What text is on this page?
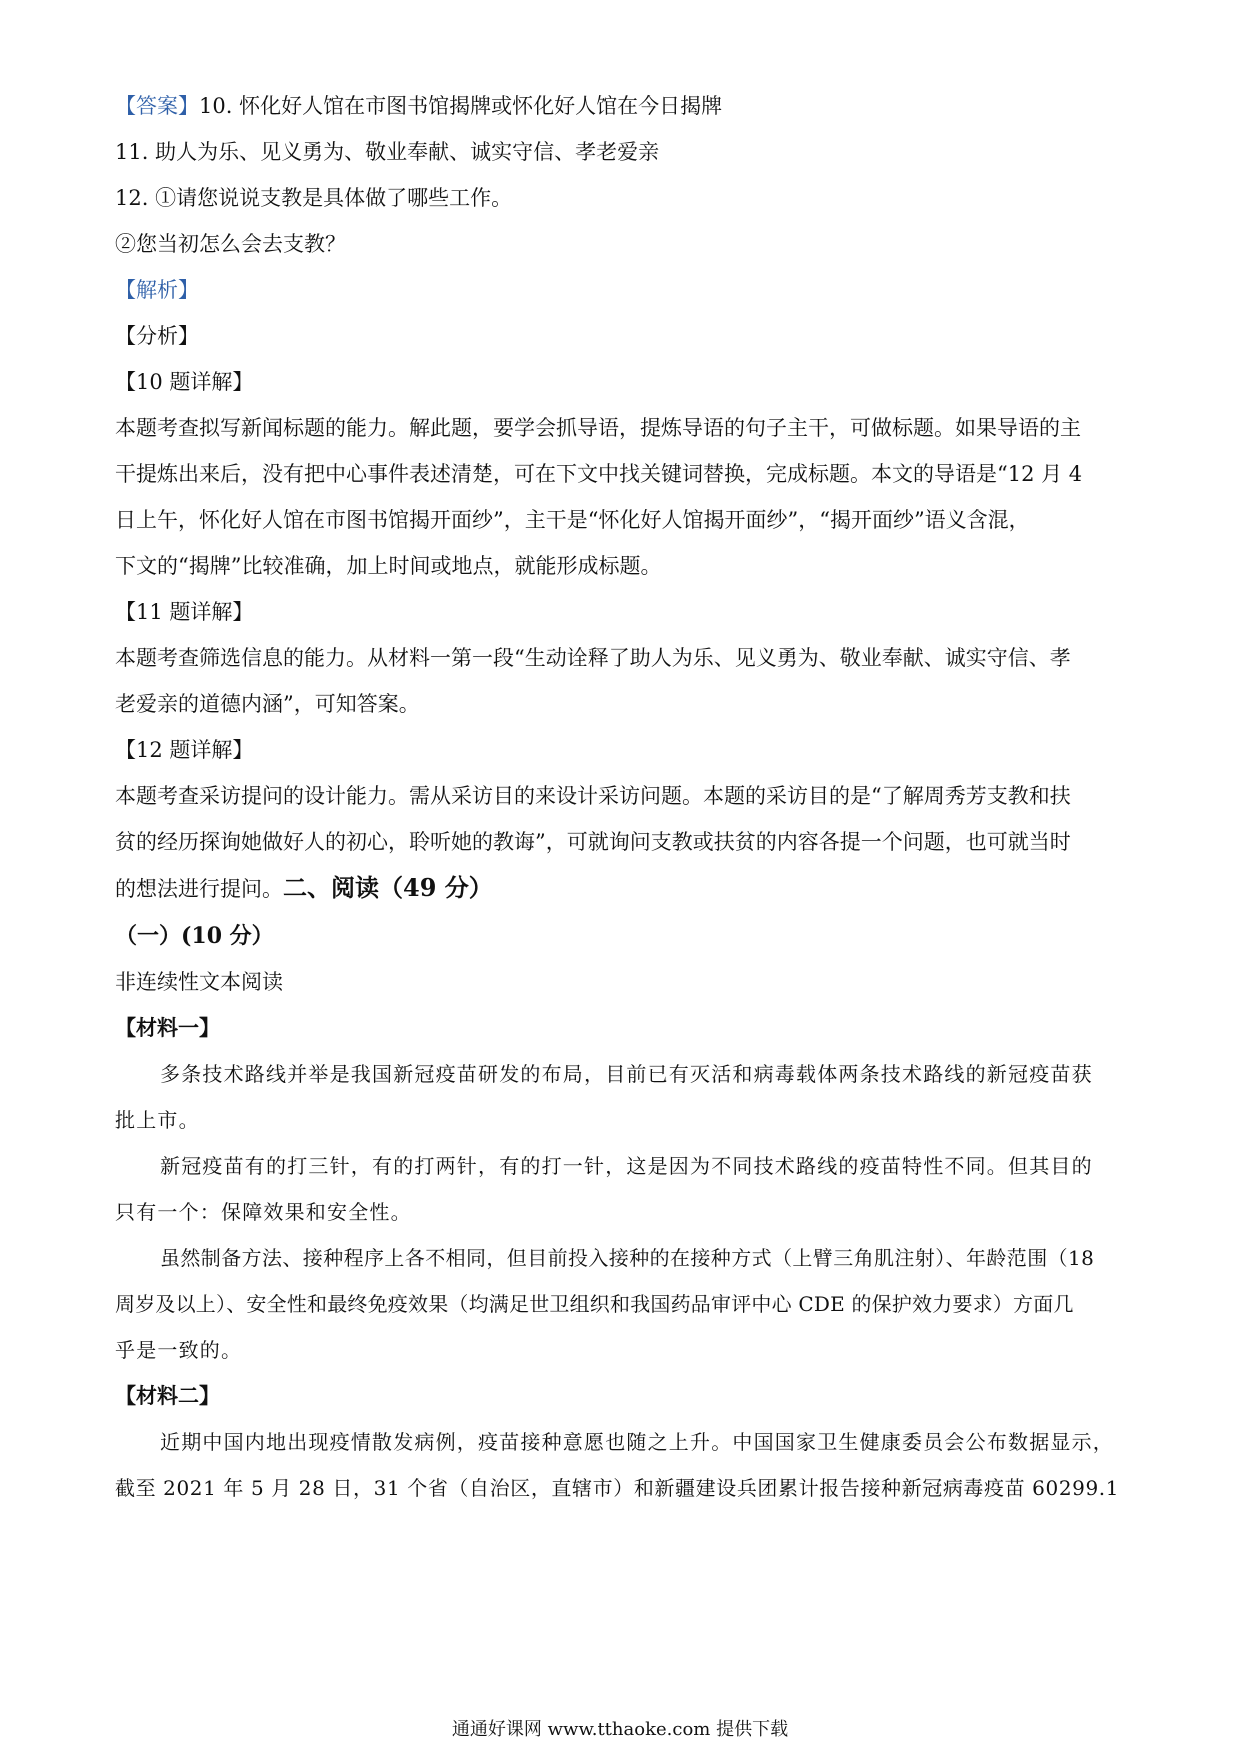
【答案】10. 怀化好人馆在市图书馆揭牌或怀化好人馆在今日揭牌

11. 助人为乐、见义勇为、敬业奉献、诚实守信、孝老爱亲

12. ①请您说说支教是具体做了哪些工作。

②您当初怎么会去支教？

【解析】

【分析】

【10 题详解】

本题考查拟写新闻标题的能力。解此题，要学会抓导语，提炼导语的句子主干，可做标题。如果导语的主

干提炼出来后，没有把中心事件表述清楚，可在下文中找关键词替换，完成标题。本文的导语是“12 月 4

日上午，怀化好人馆在市图书馆揭开面纱”，主干是“怀化好人馆揭开面纱”，“揭开面纱”语义含混，

下文的“揭牌”比较准确，加上时间或地点，就能形成标题。

【11 题详解】

本题考查筛选信息的能力。从材料一第一段“生动诠释了助人为乐、见义勇为、敬业奉献、诚实守信、孝

老爱亲的道德内涵”，可知答案。

【12 题详解】

本题考查采访提问的设计能力。需从采访目的来设计采访问题。本题的采访目的是“了解周秀芳支教和扶

贫的经历探询她做好人的初心，聆听她的教诲”，可就询问支教或扶贫的内容各提一个问题，也可就当时

的想法进行提问。二、阅读（49 分）

（一）(10 分）

非连续性文本阅读

【材料一】

多条技术路线并举是我国新冠疫苗研发的布局，目前已有灭活和病毒载体两条技术路线的新冠疫苗获

批上市。

新冠疫苗有的打三针，有的打两针，有的打一针，这是因为不同技术路线的疫苗特性不同。但其目的

只有一个：保障效果和安全性。

虽然制备方法、接种程序上各不相同，但目前投入接种的在接种方式（上臂三角肌注射）、年龄范围（18

周岁及以上）、安全性和最终免疫效果（均满足世卫组织和我国药品审评中心 CDE 的保护效力要求）方面几

乎是一致的。

【材料二】

近期中国内地出现疫情散发病例，疫苗接种意愿也随之上升。中国国家卫生健康委员会公布数据显示，

截至 2021 年 5 月 28 日，31 个省（自治区，直辖市）和新疆建设兵团累计报告接种新冠病毒疫苗 60299.1

通通好课网 www.tthaoke.com 提供下载
